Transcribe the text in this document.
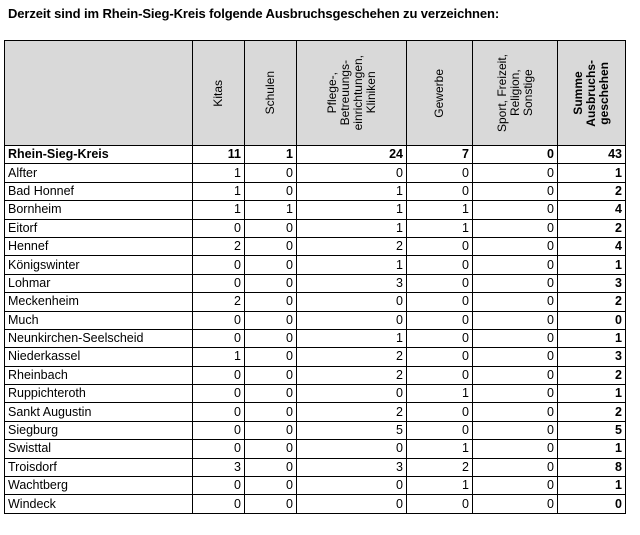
Derzeit sind im Rhein-Sieg-Kreis folgende Ausbruchsgeschehen zu verzeichnen:

	Kitas	Schulen	Pflege-,
Betreuungs-
einrichtungen,
Kliniken	Gewerbe	Sport, Freizeit,
Religion,
Sonstige	Summe
Ausbruchs-
geschehen

Rhein-Sieg-Kreis	11	1	24	7	0	43
Alfter	1	0	0	0	0	1
Bad Honnef	1	0	1	0	0	2
Bornheim	1	1	1	1	0	4
Eitorf	0	0	1	1	0	2
Hennef	2	0	2	0	0	4
Königswinter	0	0	1	0	0	1
Lohmar	0	0	3	0	0	3
Meckenheim	2	0	0	0	0	2
Much	0	0	0	0	0	0
Neunkirchen-Seelscheid	0	0	1	0	0	1
Niederkassel	1	0	2	0	0	3
Rheinbach	0	0	2	0	0	2
Ruppichteroth	0	0	0	1	0	1
Sankt Augustin	0	0	2	0	0	2
Siegburg	0	0	5	0	0	5
Swisttal	0	0	0	1	0	1
Troisdorf	3	0	3	2	0	8
Wachtberg	0	0	0	1	0	1
Windeck	0	0	0	0	0	0
